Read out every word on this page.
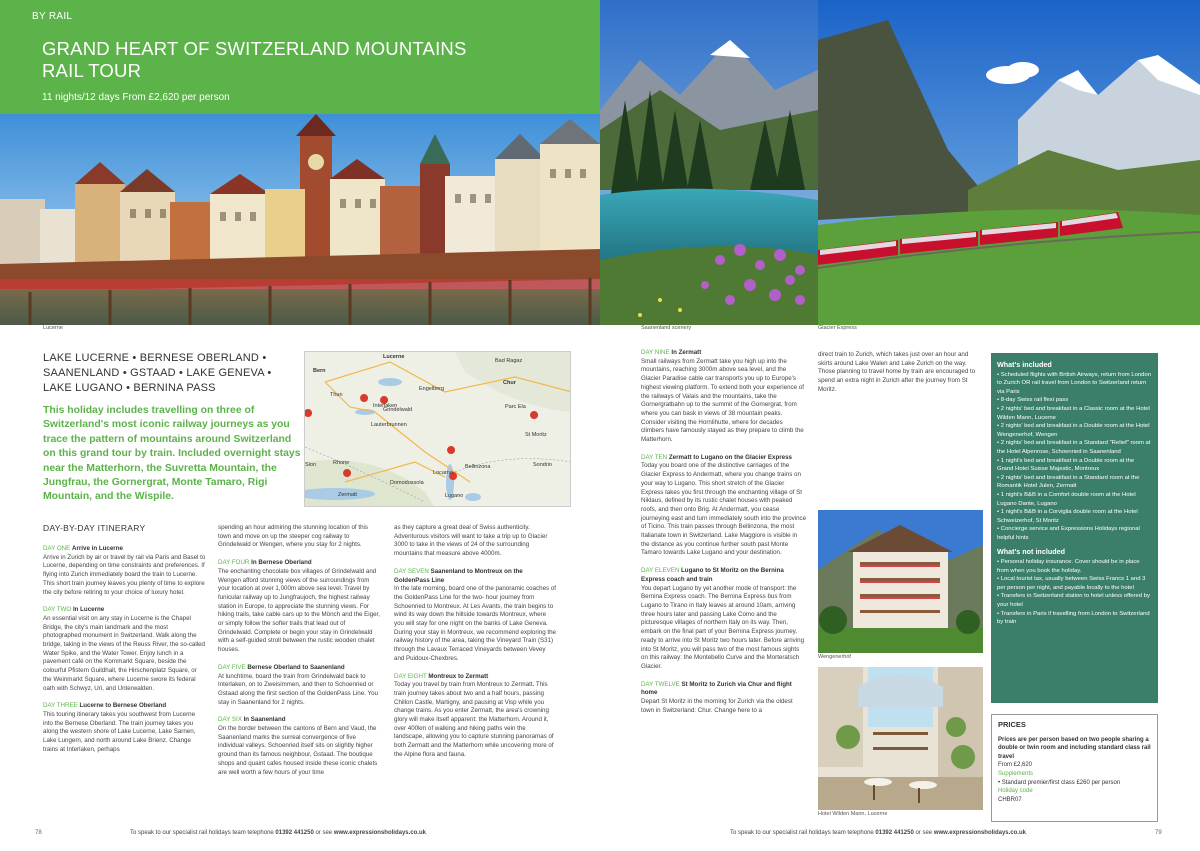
BY RAIL
GRAND HEART OF SWITZERLAND MOUNTAINS
RAIL TOUR
11 nights/12 days From £2,620 per person
Lucerne	Saanenland scenery	Glacier Express
LAKE LUCERNE • BERNESE OBERLAND •
SAANENLAND • GSTAAD • LAKE GENEVA •
LAKE LUGANO • BERNINA PASS
This holiday includes travelling on three of Switzerland's most iconic railway journeys as you trace the pattern of mountains around Switzerland on this grand tour by train. Included overnight stays near the Matterhorn, the Suvretta Mountain, the Jungfrau, the Gornergrat, Monte Tamaro, Rigi Mountain, and the Wispile.
Lucerne
Bern
Thun
Interlaken
Engelberg
Grindelwald
Lauterbrunnen
Chur
Bad Ragaz
Parc Ela
St Moritz
Sion	Rhone
Domodossola
Zermatt	Lugano
Locarno
Bellinzona	Sondrio
DAY-BY-DAY ITINERARY
DAY ONE Arrive in Lucerne

Arrive in Zurich by air or travel by rail via Paris and Basel to Lucerne, depending on time constraints and preferences. If flying into Zurich immediately board the train to Lucerne. This short train journey leaves you plenty of time to explore the city before retiring to your choice of luxury hotel.

DAY TWO In Lucerne

An essential visit on any stay in Lucerne is the Chapel Bridge, the city's main landmark and the most photographed monument in Switzerland. Walk along the bridge, taking in the views of the Reuss River, the so-called Water Spike, and the Water Tower. Enjoy lunch in a pavement café on the Kornmarkt Square, beside the colourful Pfistern Guildhall, the Hirschenplatz Square, or the Weinmarkt Square, where Lucerne swore its federal oath with Schwyz, Uri, and Unterwalden.

DAY THREE Lucerne to Bernese Oberland

This touring itinerary takes you southwest from Lucerne into the Bernese Oberland. The train journey takes you along the western shore of Lake Lucerne, Lake Sarnen, Lake Lungern, and north around Lake Brienz. Change trains at Interlaken, perhaps

spending an hour admiring the stunning location of this town and move on up the steeper cog railway to Grindelwald or Wengen, where you stay for 2 nights.

DAY FOUR In Bernese Oberland

The enchanting chocolate box villages of Grindelwald and Wengen afford stunning views of the surroundings from your location at over 1,000m above sea level. Travel by funicular railway up to Jungfraujoch, the highest railway station in Europe, to appreciate the stunning views. For hiking trails, take cable cars up to the Mönch and the Eiger, or simply follow the softer trails that lead out of Grindelwald. Complete or begin your stay in Grindelwald with a self-guided stroll between the rustic wooden chalet houses.

DAY FIVE Bernese Oberland to Saanenland

At lunchtime, board the train from Grindelwald back to Interlaken, on to Zweisimmen, and then to Schoenried or Gstaad along the first section of the GoldenPass Line. You stay in Saanenland for 2 nights.

DAY SIX In Saanenland

On the border between the cantons of Bern and Vaud, the Saanenland marks the surreal convergence of five individual valleys. Schoenried itself sits on slightly higher ground than its famous neighbour, Gstaad. The boutique shops and quaint cafes housed inside these iconic chalets are well worth a few hours of your time

as they capture a great deal of Swiss authenticity. Adventurous visitors will want to take a trip up to Glacier 3000 to take in the views of 24 of the surrounding mountains that measure above 4000m.

DAY SEVEN Saanenland to Montreux on the GoldenPass Line

In the late morning, board one of the panoramic coaches of the GoldenPass Line for the two- hour journey from Schoenried to Montreux. At Les Avants, the train begins to wind its way down the hillside towards Montreux, where you will stay for one night on the banks of Lake Geneva. During your stay in Montreux, we recommend exploring the railway history of the area, taking the Vineyard Train (S31) through the Lavaux Terraced Vineyards between Vevey and Puidoux-Chexbres.

DAY EIGHT Montreux to Zermatt

Today you travel by train from Montreux to Zermatt. This train journey takes about two and a half hours, passing Chillon Castle, Martigny, and pausing at Visp while you change trains. As you enter Zermatt, the area's crowning glory will make itself apparent: the Matterhorn. Around it, over 400km of walking and hiking paths vein the landscape, allowing you to capture stunning panoramas of both Zermatt and the Matterhorn while uncovering more of the Alpine flora and fauna.

DAY NINE In Zermatt

Small railways from Zermatt take you high up into the mountains, reaching 3000m above sea level, and the Glacier Paradise cable car transports you up to Europe's highest viewing platform. To extend both your experience of the railways of Valais and the mountains, take the Gornergratbahn up to the summit of the Gornergrat, from where you can bask in views of 38 mountain peaks. Consider visiting the Hornlihutte, where for decades climbers have famously stayed as they prepare to climb the Matterhorn.

DAY TEN Zermatt to Lugano on the Glacier Express

Today you board one of the distinctive carriages of the Glacier Express to Andermatt, where you change trains on your way to Lugano. This short stretch of the Glacier Express takes you first through the enchanting village of St Niklaus, defined by its rustic chalet houses with peaked roofs, and then onto Brig. At Andermatt, you cease journeying east and turn immediately south into the province of Ticino. This train passes through Bellinzona, the most Italianate town in Switzerland. Lake Maggiore is visible in the distance as you continue further south past Monte Tamaro towards Lake Lugano and your destination.

DAY ELEVEN Lugano to St Moritz on the Bernina Express coach and train

You depart Lugano by yet another mode of transport: the Bernina Express coach. The Bernina Express bus from Lugano to Tirano in Italy leaves at around 10am, arriving three hours later and passing Lake Como and the picturesque villages of northern Italy on its way. Then, embark on the final part of your Bernina Express journey, ready to arrive into St Moritz two hours later. Before arriving into St Moritz, you will pass two of the most famous sights on this railway: the Montebello Curve and the Morteratsch Glacier.

DAY TWELVE St Moritz to Zurich via Chur and flight home

Depart St Moritz in the morning for Zurich via the oldest town in Switzerland: Chur. Change here to a

direct train to Zurich, which takes just over an hour and skirts around Lake Walen and Lake Zurich on the way. Those planning to travel home by train are encouraged to spend an extra night in Zurich after the journey from St Moritz.

Wengenerhof
Hotel Wilden Mann, Lucerne
What's included
• Scheduled flights with British Airways, return from London to Zurich OR rail travel from London to Switzerland return via Paris
• 8-day Swiss rail flexi pass
• 2 nights' bed and breakfast in a Classic room at the Hotel Wilden Mann, Lucerne
• 2 nights' bed and breakfast in a Double room at the Hotel Wengenerhof, Wengen
• 2 nights' bed and breakfast in a Standard "Relief" room at the Hotel Alpenrose, Schoenried in Saanenland
• 1 night's bed and breakfast in a Double room at the Grand Hotel Suisse Majestic, Montreux
• 2 nights' bed and breakfast in a Standard room at the Romantik Hotel Julen, Zermatt
• 1 night's B&B in a Comfort double room at the Hotel Lugano Dante, Lugano
• 1 night's B&B in a Corviglia double room at the Hotel Schweizerhof, St Moritz
• Concierge service and Expressions Holidays regional helpful hints
What's not included
• Personal holiday insurance. Cover should be in place from when you book the holiday.
• Local tourist tax, usually between Swiss Francs 1 and 3 per person per night, and payable locally to the hotel
• Transfers in Switzerland station to hotel unless offered by your hotel
• Transfers in Paris if travelling from London to Switzerland by train
PRICES
Prices are per person based on two people sharing a double or twin room and including standard class rail travel
From £2,620
Supplements
• Standard premier/first class £260 per person
Holiday code
CHBR07
78	To speak to our specialist rail holidays team telephone 01392 441250 or see www.expressionsholidays.co.uk	To speak to our specialist rail holidays team telephone 01392 441250 or see www.expressionsholidays.co.uk	79
